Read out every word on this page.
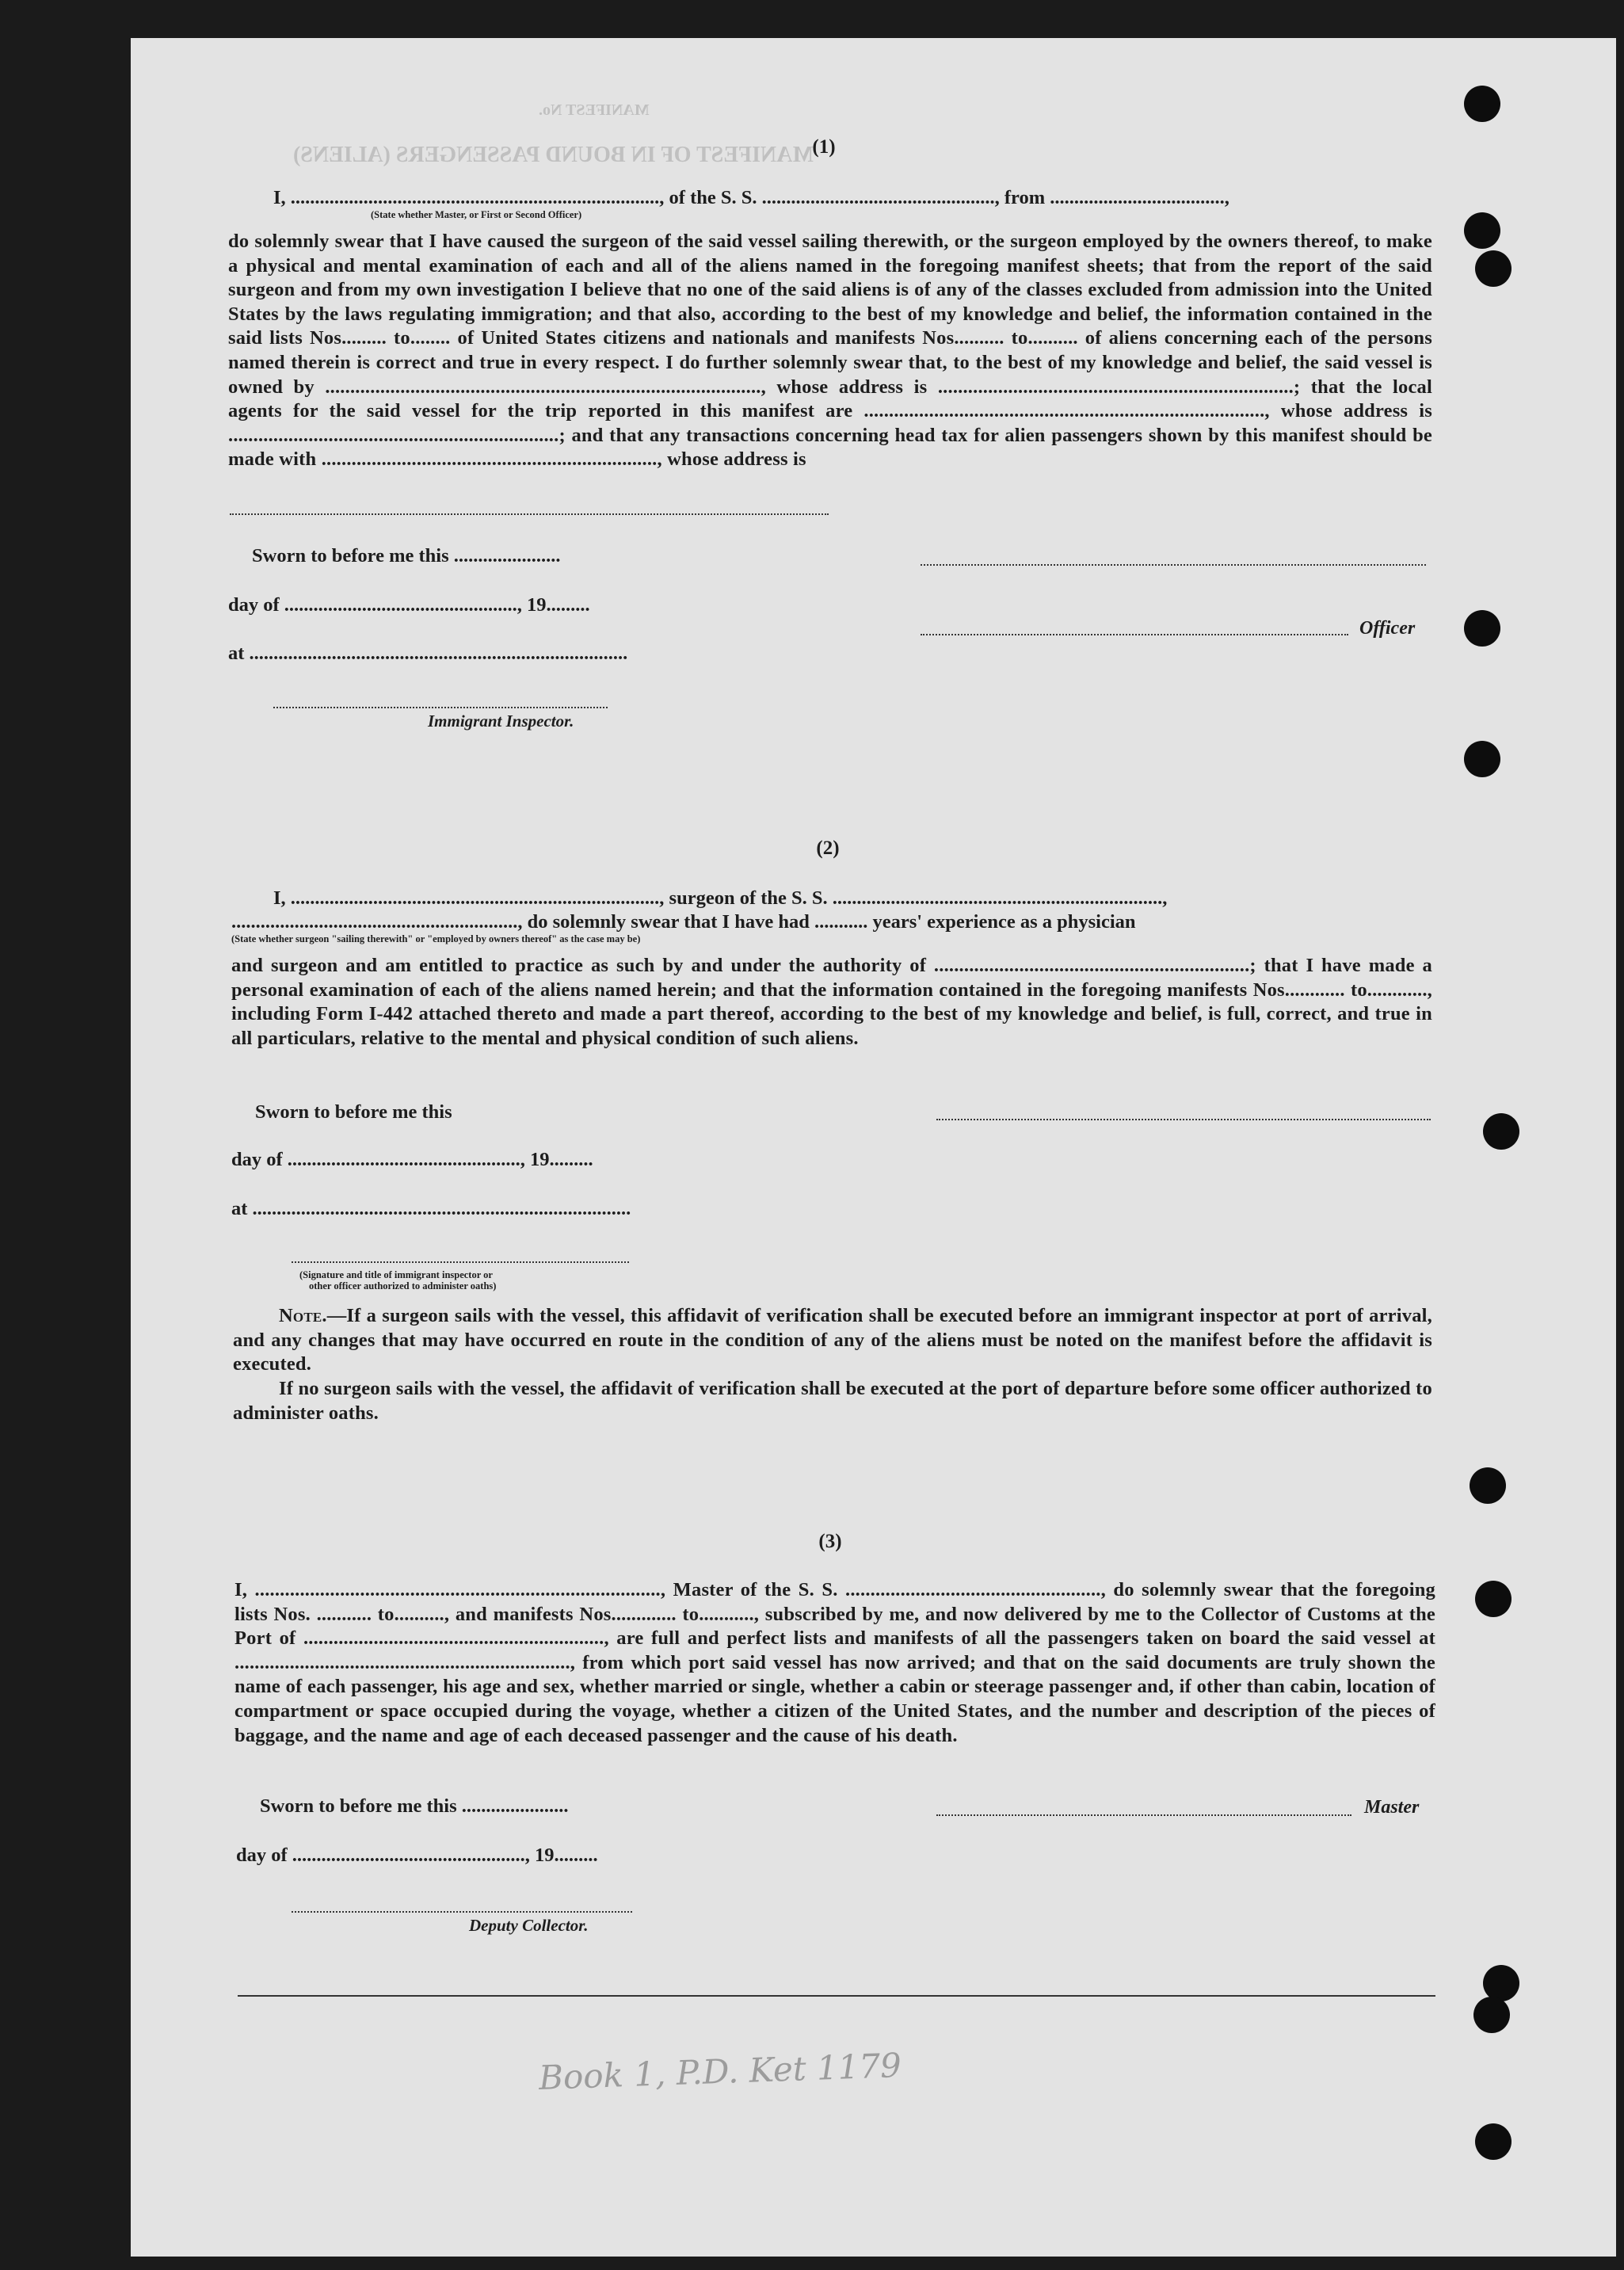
MANIFEST No.
MANIFEST OF IN BOUND PASSENGERS (ALIENS)
(1)
I, ............................................................................, of the S. S. ................................................, from ....................................,
(State whether Master, or First or Second Officer)
do solemnly swear that I have caused the surgeon of the said vessel sailing therewith, or the surgeon employed by the owners thereof, to make a physical and mental examination of each and all of the aliens named in the foregoing manifest sheets; that from the report of the said surgeon and from my own investigation I believe that no one of the said aliens is of any of the classes excluded from admission into the United States by the laws regulating immigration; and that also, according to the best of my knowledge and belief, the information contained in the said lists Nos......... to........ of United States citizens and nationals and manifests Nos.......... to.......... of aliens concerning each of the persons named therein is correct and true in every respect. I do further solemnly swear that, to the best of my knowledge and belief, the said vessel is owned by ......................................................................................., whose address is .......................................................................; that the local agents for the said vessel for the trip reported in this manifest are ................................................................................, whose address is ..................................................................; and that any transactions concerning head tax for alien passengers shown by this manifest should be made with ..................................................................., whose address is
Sworn to before me this ......................
day of ................................................, 19.........
Officer
at ..............................................................................
Immigrant Inspector.
(2)
I, ............................................................................, surgeon of the S. S. ....................................................................,
..........................................................., do solemnly swear that I have had ........... years' experience as a physician
(State whether surgeon "sailing therewith" or "employed by owners thereof" as the case may be)
and surgeon and am entitled to practice as such by and under the authority of ...............................................................; that I have made a personal examination of each of the aliens named herein; and that the information contained in the foregoing manifests Nos............ to............, including Form I-442 attached thereto and made a part thereof, according to the best of my knowledge and belief, is full, correct, and true in all particulars, relative to the mental and physical condition of such aliens.
Sworn to before me this
day of ................................................, 19.........
at ..............................................................................
(Signature and title of immigrant inspector or
other officer authorized to administer oaths)
Note.—If a surgeon sails with the vessel, this affidavit of verification shall be executed before an immigrant inspector at port of arrival, and any changes that may have occurred en route in the condition of any of the aliens must be noted on the manifest before the affidavit is executed.
If no surgeon sails with the vessel, the affidavit of verification shall be executed at the port of departure before some officer authorized to administer oaths.
(3)
I, ................................................................................., Master of the S. S. ..................................................., do solemnly swear that the foregoing lists Nos. ........... to.........., and manifests Nos............. to..........., subscribed by me, and now delivered by me to the Collector of Customs at the Port of ............................................................, are full and perfect lists and manifests of all the passengers taken on board the said vessel at ..................................................................., from which port said vessel has now arrived; and that on the said documents are truly shown the name of each passenger, his age and sex, whether married or single, whether a cabin or steerage passenger and, if other than cabin, location of compartment or space occupied during the voyage, whether a citizen of the United States, and the number and description of the pieces of baggage, and the name and age of each deceased passenger and the cause of his death.
Sworn to before me this ......................	Master
day of ................................................, 19.........
Deputy Collector.
Book 1, P.D. Ket 1179
